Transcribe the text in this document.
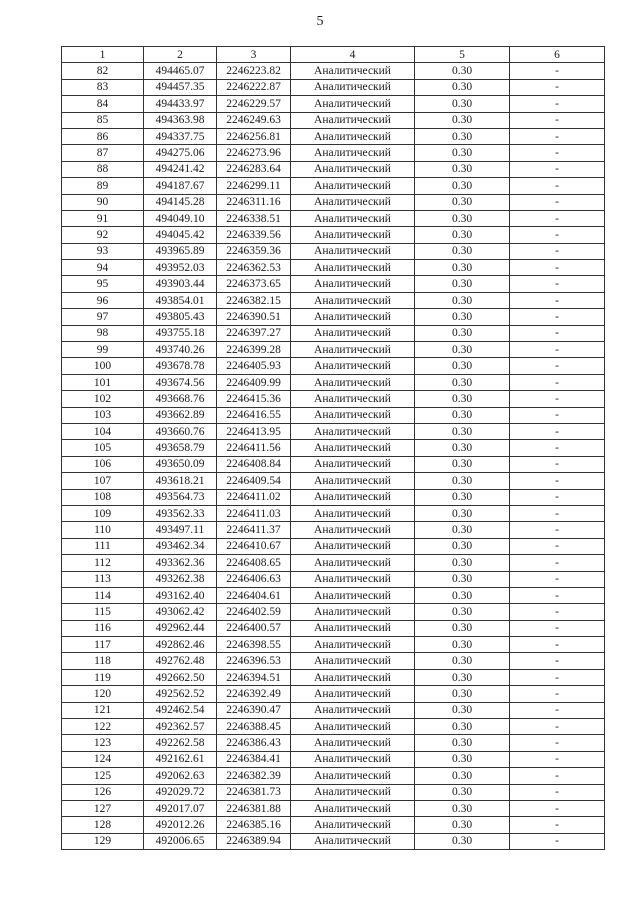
5
1	2	3	4	5	6
82	494465.07	2246223.82	Аналитический	0.30	-
83	494457.35	2246222.87	Аналитический	0.30	-
84	494433.97	2246229.57	Аналитический	0.30	-
85	494363.98	2246249.63	Аналитический	0.30	-
86	494337.75	2246256.81	Аналитический	0.30	-
87	494275.06	2246273.96	Аналитический	0.30	-
88	494241.42	2246283.64	Аналитический	0.30	-
89	494187.67	2246299.11	Аналитический	0.30	-
90	494145.28	2246311.16	Аналитический	0.30	-
91	494049.10	2246338.51	Аналитический	0.30	-
92	494045.42	2246339.56	Аналитический	0.30	-
93	493965.89	2246359.36	Аналитический	0.30	-
94	493952.03	2246362.53	Аналитический	0.30	-
95	493903.44	2246373.65	Аналитический	0.30	-
96	493854.01	2246382.15	Аналитический	0.30	-
97	493805.43	2246390.51	Аналитический	0.30	-
98	493755.18	2246397.27	Аналитический	0.30	-
99	493740.26	2246399.28	Аналитический	0.30	-
100	493678.78	2246405.93	Аналитический	0.30	-
101	493674.56	2246409.99	Аналитический	0.30	-
102	493668.76	2246415.36	Аналитический	0.30	-
103	493662.89	2246416.55	Аналитический	0.30	-
104	493660.76	2246413.95	Аналитический	0.30	-
105	493658.79	2246411.56	Аналитический	0.30	-
106	493650.09	2246408.84	Аналитический	0.30	-
107	493618.21	2246409.54	Аналитический	0.30	-
108	493564.73	2246411.02	Аналитический	0.30	-
109	493562.33	2246411.03	Аналитический	0.30	-
110	493497.11	2246411.37	Аналитический	0.30	-
111	493462.34	2246410.67	Аналитический	0.30	-
112	493362.36	2246408.65	Аналитический	0.30	-
113	493262.38	2246406.63	Аналитический	0.30	-
114	493162.40	2246404.61	Аналитический	0.30	-
115	493062.42	2246402.59	Аналитический	0.30	-
116	492962.44	2246400.57	Аналитический	0.30	-
117	492862.46	2246398.55	Аналитический	0.30	-
118	492762.48	2246396.53	Аналитический	0.30	-
119	492662.50	2246394.51	Аналитический	0.30	-
120	492562.52	2246392.49	Аналитический	0.30	-
121	492462.54	2246390.47	Аналитический	0.30	-
122	492362.57	2246388.45	Аналитический	0.30	-
123	492262.58	2246386.43	Аналитический	0.30	-
124	492162.61	2246384.41	Аналитический	0.30	-
125	492062.63	2246382.39	Аналитический	0.30	-
126	492029.72	2246381.73	Аналитический	0.30	-
127	492017.07	2246381.88	Аналитический	0.30	-
128	492012.26	2246385.16	Аналитический	0.30	-
129	492006.65	2246389.94	Аналитический	0.30	-
